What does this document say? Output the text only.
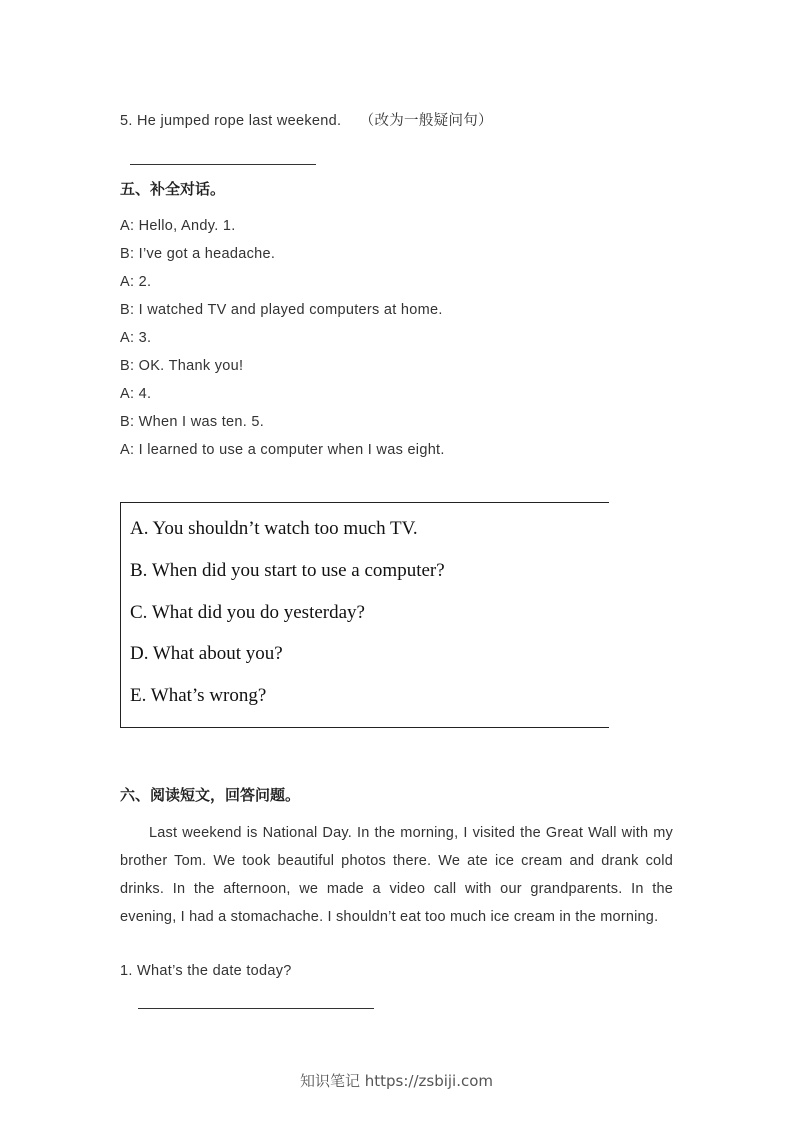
5. He jumped rope last weekend. （改为一般疑问句）
五、补全对话。
A: Hello, Andy. 1.
B: I’ve got a headache.
A: 2.
B: I watched TV and played computers at home.
A: 3.
B: OK. Thank you!
A: 4.
B: When I was ten. 5.
A: I learned to use a computer when I was eight.
A. You shouldn’t watch too much TV.
B. When did you start to use a computer?
C. What did you do yesterday?
D. What about you?
E. What’s wrong?
六、阅读短文，回答问题。
Last weekend is National Day. In the morning, I visited the Great Wall with my brother Tom. We took beautiful photos there. We ate ice cream and drank cold drinks. In the afternoon, we made a video call with our grandparents. In the evening, I had a stomachache. I shouldn’t eat too much ice cream in the morning.
1. What’s the date today?
知识笔记 https://zsbiji.com
